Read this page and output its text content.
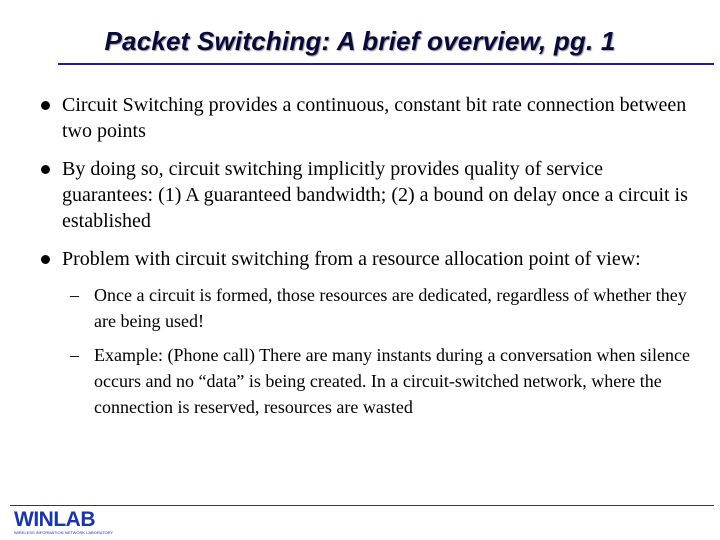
Packet Switching: A brief overview, pg. 1
Circuit Switching provides a continuous, constant bit rate connection between two points
By doing so, circuit switching implicitly provides quality of service guarantees: (1) A guaranteed bandwidth; (2) a bound on delay once a circuit is established
Problem with circuit switching from a resource allocation point of view:
– Once a circuit is formed, those resources are dedicated, regardless of whether they are being used!
– Example: (Phone call) There are many instants during a conversation when silence occurs and no “data” is being created. In a circuit-switched network, where the connection is reserved, resources are wasted
WINLAB
WIRELESS INFORMATION NETWORK LABORATORY
